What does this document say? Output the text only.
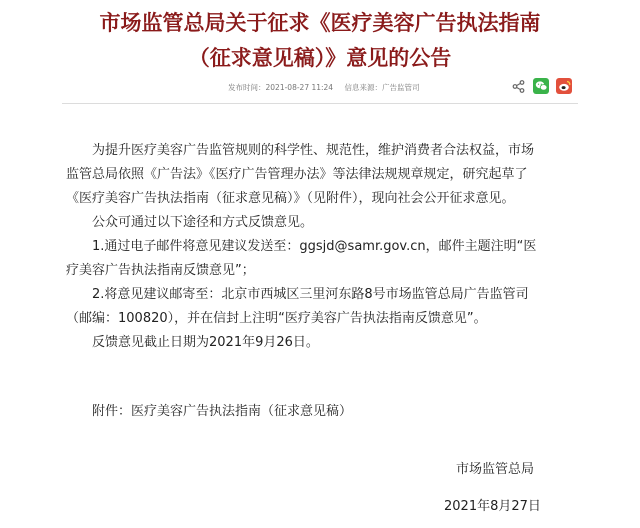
市场监管总局关于征求《医疗美容广告执法指南
（征求意见稿）》意见的公告
发布时间：2021-08-27 11:24 信息来源：广告监管司

为提升医疗美容广告监管规则的科学性、规范性，维护消费者合法权益，市场

监管总局依照《广告法》《医疗广告管理办法》等法律法规规章规定，研究起草了

《医疗美容广告执法指南（征求意见稿）》（见附件），现向社会公开征求意见。

公众可通过以下途径和方式反馈意见。

1.通过电子邮件将意见建议发送至：ggsjd@samr.gov.cn，邮件主题注明“医

疗美容广告执法指南反馈意见”；

2.将意见建议邮寄至：北京市西城区三里河东路8号市场监管总局广告监管司

（邮编：100820），并在信封上注明“医疗美容广告执法指南反馈意见”。

反馈意见截止日期为2021年9月26日。

附件：医疗美容广告执法指南（征求意见稿）

市场监管总局
2021年8月27日
